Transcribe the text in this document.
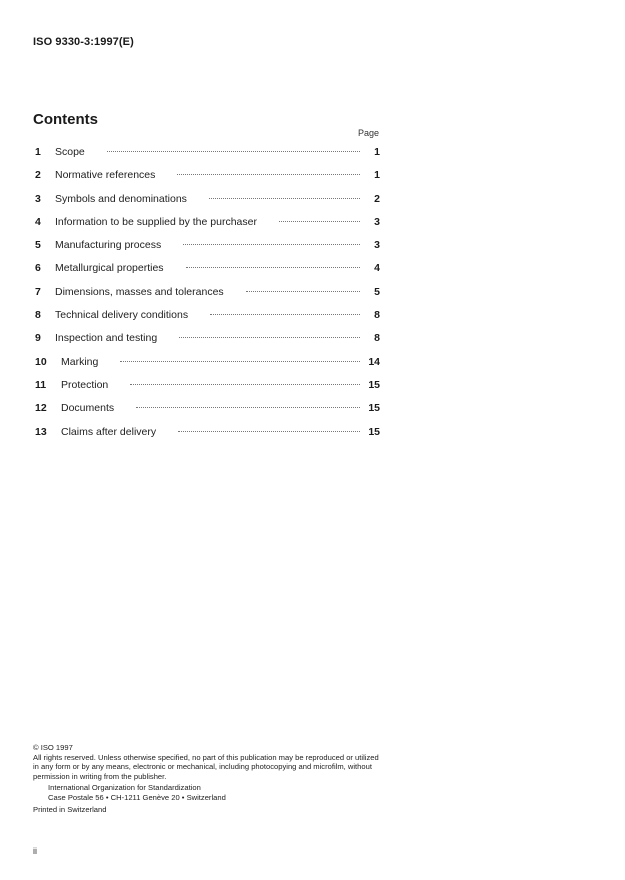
ISO 9330-3:1997(E)
Contents
Page
1	Scope	1
2	Normative references	1
3	Symbols and denominations	2
4	Information to be supplied by the purchaser	3
5	Manufacturing process	3
6	Metallurgical properties	4
7	Dimensions, masses and tolerances	5
8	Technical delivery conditions	8
9	Inspection and testing	8
10	Marking	14
11	Protection	15
12	Documents	15
13	Claims after delivery	15
© ISO 1997
All rights reserved. Unless otherwise specified, no part of this publication may be reproduced or utilized in any form or by any means, electronic or mechanical, including photocopying and microfilm, without permission in writing from the publisher.
International Organization for Standardization
Case Postale 56 • CH-1211 Genève 20 • Switzerland
Printed in Switzerland
ii
